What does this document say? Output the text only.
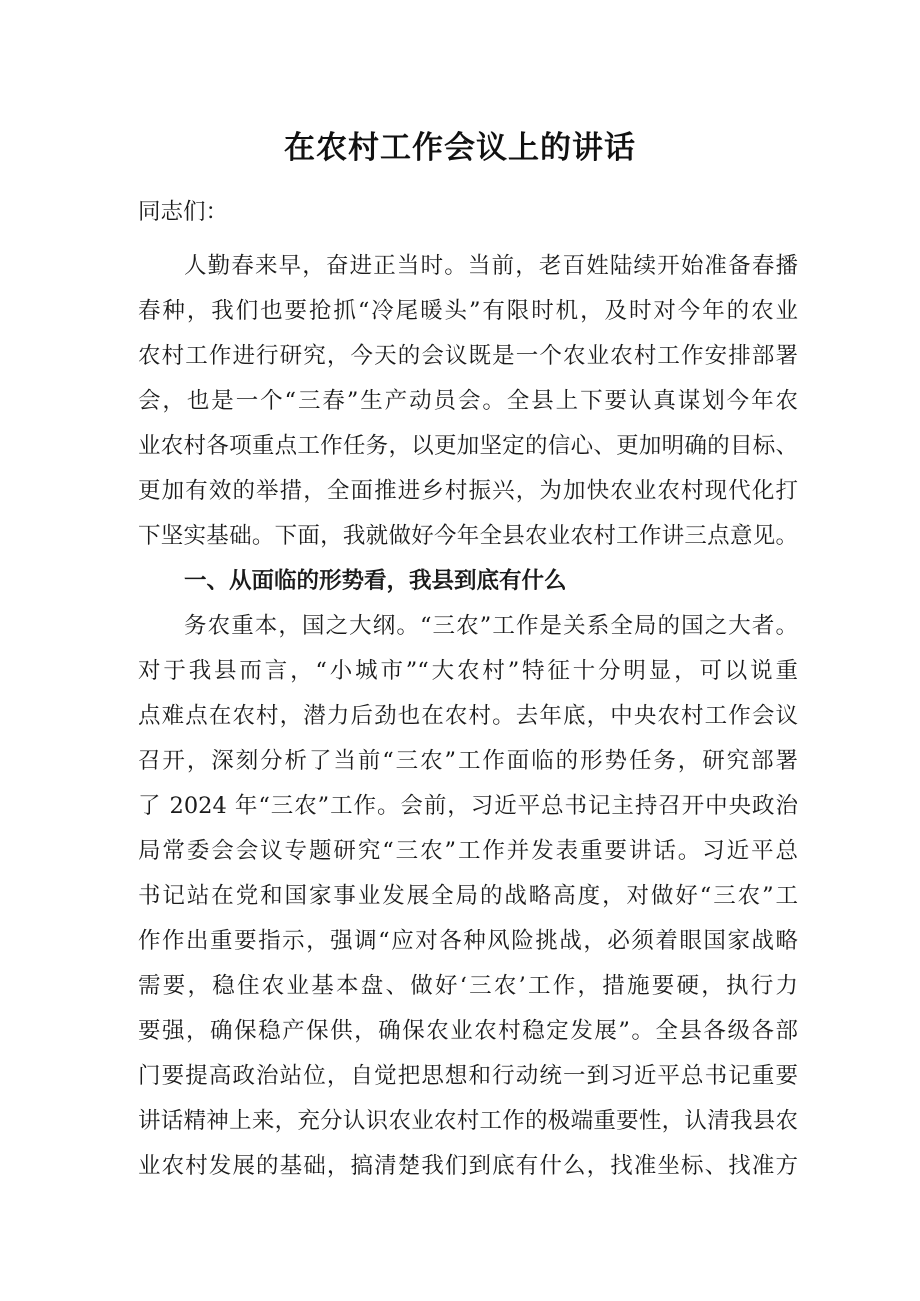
在农村工作会议上的讲话
同志们：
人勤春来早，奋进正当时。当前，老百姓陆续开始准备春播
春种，我们也要抢抓“冷尾暖头”有限时机，及时对今年的农业
农村工作进行研究，今天的会议既是一个农业农村工作安排部署
会，也是一个“三春”生产动员会。全县上下要认真谋划今年农
业农村各项重点工作任务，以更加坚定的信心、更加明确的目标、
更加有效的举措，全面推进乡村振兴，为加快农业农村现代化打
下坚实基础。下面，我就做好今年全县农业农村工作讲三点意见。
一、从面临的形势看，我县到底有什么
务农重本，国之大纲。“三农”工作是关系全局的国之大者。
对于我县而言，“小城市”“大农村”特征十分明显，可以说重
点难点在农村，潜力后劲也在农村。去年底，中央农村工作会议
召开，深刻分析了当前“三农”工作面临的形势任务，研究部署
了 2024 年“三农”工作。会前，习近平总书记主持召开中央政治
局常委会会议专题研究“三农”工作并发表重要讲话。习近平总
书记站在党和国家事业发展全局的战略高度，对做好“三农”工
作作出重要指示，强调“应对各种风险挑战，必须着眼国家战略
需要，稳住农业基本盘、做好‘三农’工作，措施要硬，执行力
要强，确保稳产保供，确保农业农村稳定发展”。全县各级各部
门要提高政治站位，自觉把思想和行动统一到习近平总书记重要
讲话精神上来，充分认识农业农村工作的极端重要性，认清我县农
业农村发展的基础，搞清楚我们到底有什么，找准坐标、找准方
